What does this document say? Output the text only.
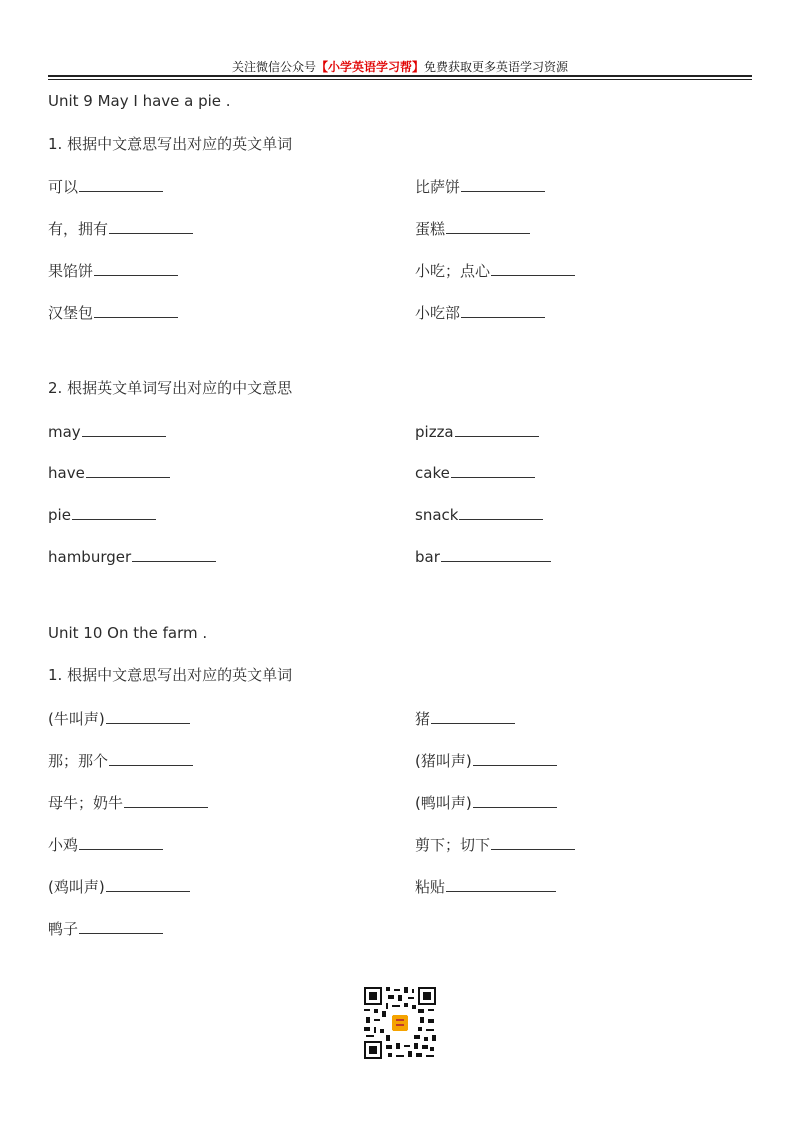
关注微信公众号【小学英语学习帮】免费获取更多英语学习资源
Unit 9 May I have a pie .
1. 根据中文意思写出对应的英文单词
可以
有，拥有
果馅饼
汉堡包
比萨饼
蛋糕
小吃；点心
小吃部
2. 根据英文单词写出对应的中文意思
may
have
pie
hamburger
pizza
cake
snack
bar
Unit 10 On the farm .
1. 根据中文意思写出对应的英文单词
(牛叫声)
那；那个
母牛；奶牛
小鸡
(鸡叫声)
鸭子
猪
(猪叫声)
(鸭叫声)
剪下；切下
粘贴
